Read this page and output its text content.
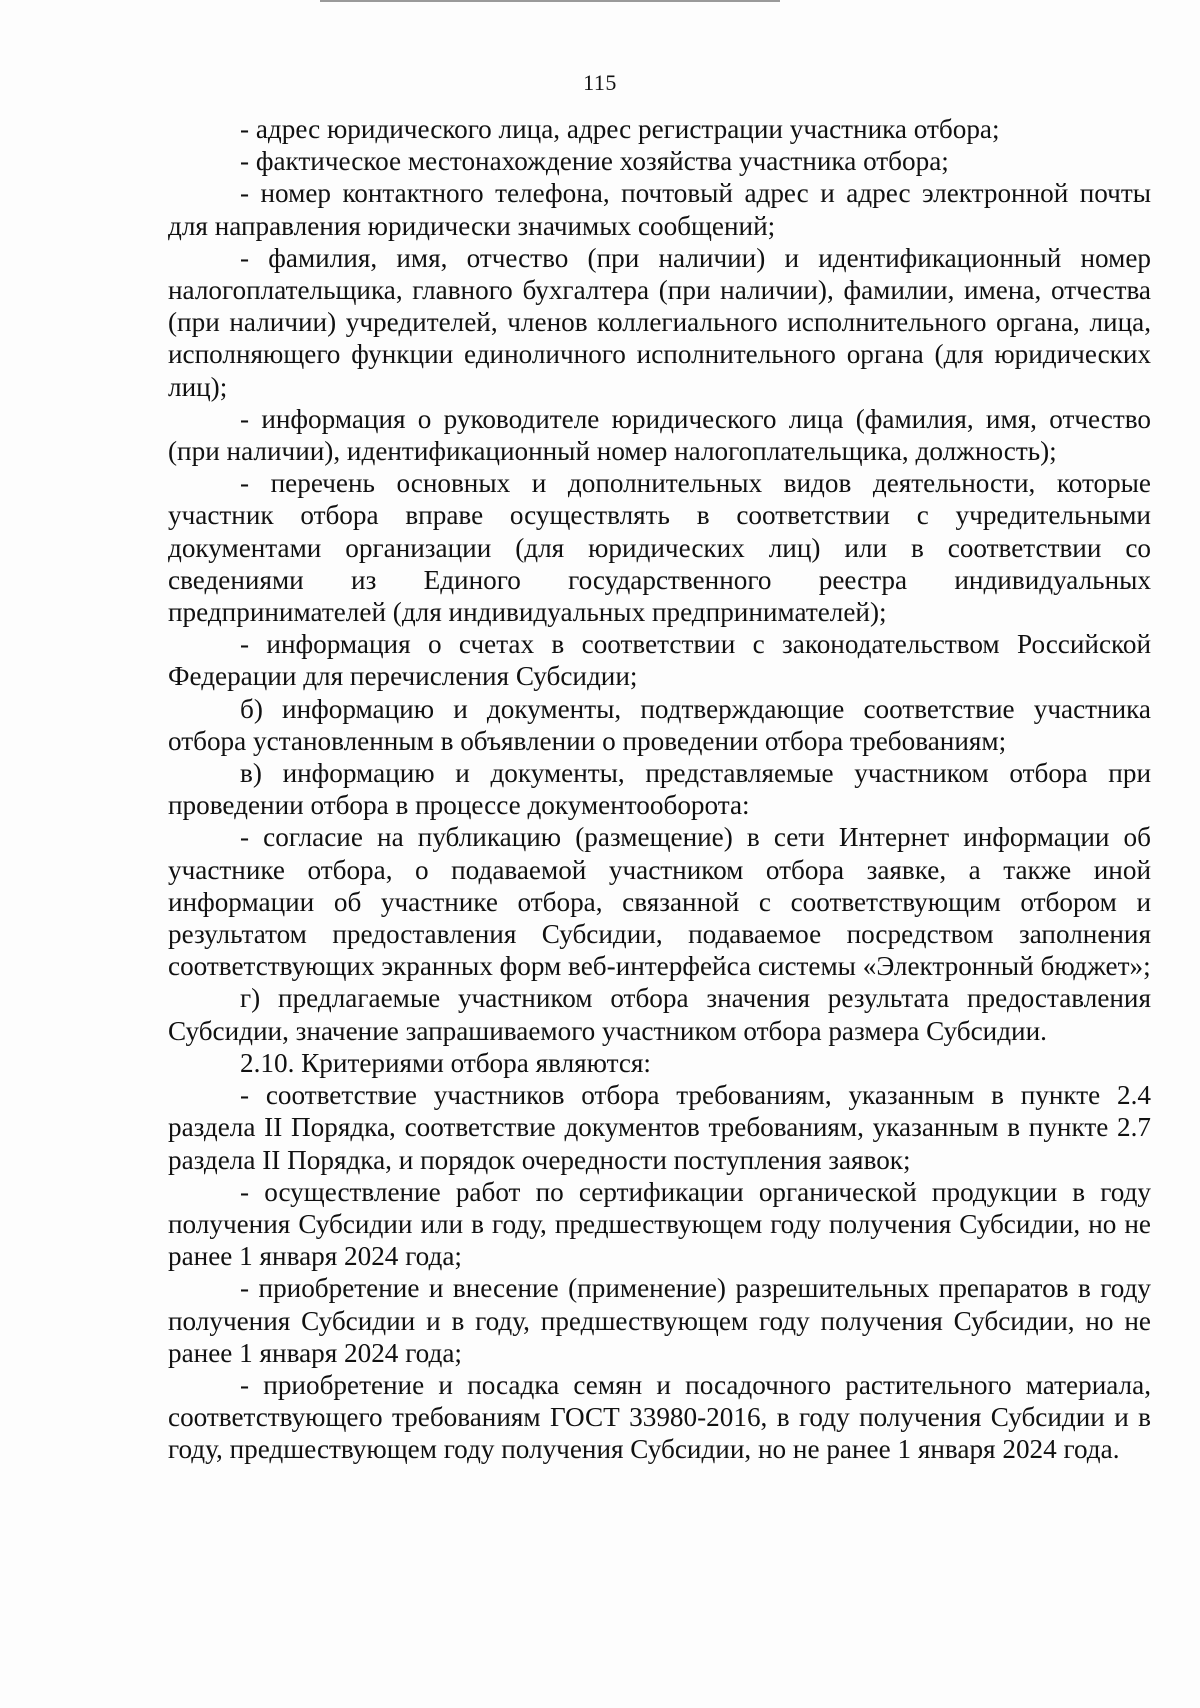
115

- адрес юридического лица, адрес регистрации участника отбора;

- фактическое местонахождение хозяйства участника отбора;

- номер контактного телефона, почтовый адрес и адрес электронной почты для направления юридически значимых сообщений;

- фамилия, имя, отчество (при наличии) и идентификационный номер налогоплательщика, главного бухгалтера (при наличии), фамилии, имена, отчества (при наличии) учредителей, членов коллегиального исполнительного органа, лица, исполняющего функции единоличного исполнительного органа (для юридических лиц);

- информация о руководителе юридического лица (фамилия, имя, отчество (при наличии), идентификационный номер налогоплательщика, должность);

- перечень основных и дополнительных видов деятельности, которые участник отбора вправе осуществлять в соответствии с учредительными документами организации (для юридических лиц) или в соответствии со сведениями из Единого государственного реестра индивидуальных предпринимателей (для индивидуальных предпринимателей);

- информация о счетах в соответствии с законодательством Российской Федерации для перечисления Субсидии;

б) информацию и документы, подтверждающие соответствие участника отбора установленным в объявлении о проведении отбора требованиям;

в) информацию и документы, представляемые участником отбора при проведении отбора в процессе документооборота:

- согласие на публикацию (размещение) в сети Интернет информации об участнике отбора, о подаваемой участником отбора заявке, а также иной информации об участнике отбора, связанной с соответствующим отбором и результатом предоставления Субсидии, подаваемое посредством заполнения соответствующих экранных форм веб-интерфейса системы «Электронный бюджет»;

г) предлагаемые участником отбора значения результата предоставления Субсидии, значение запрашиваемого участником отбора размера Субсидии.

2.10. Критериями отбора являются:

- соответствие участников отбора требованиям, указанным в пункте 2.4 раздела II Порядка, соответствие документов требованиям, указанным в пункте 2.7 раздела II Порядка, и порядок очередности поступления заявок;

- осуществление работ по сертификации органической продукции в году получения Субсидии или в году, предшествующем году получения Субсидии, но не ранее 1 января 2024 года;

- приобретение и внесение (применение) разрешительных препаратов в году получения Субсидии и в году, предшествующем году получения Субсидии, но не ранее 1 января 2024 года;

- приобретение и посадка семян и посадочного растительного материала, соответствующего требованиям ГОСТ 33980-2016, в году получения Субсидии и в году, предшествующем году получения Субсидии, но не ранее 1 января 2024 года.
